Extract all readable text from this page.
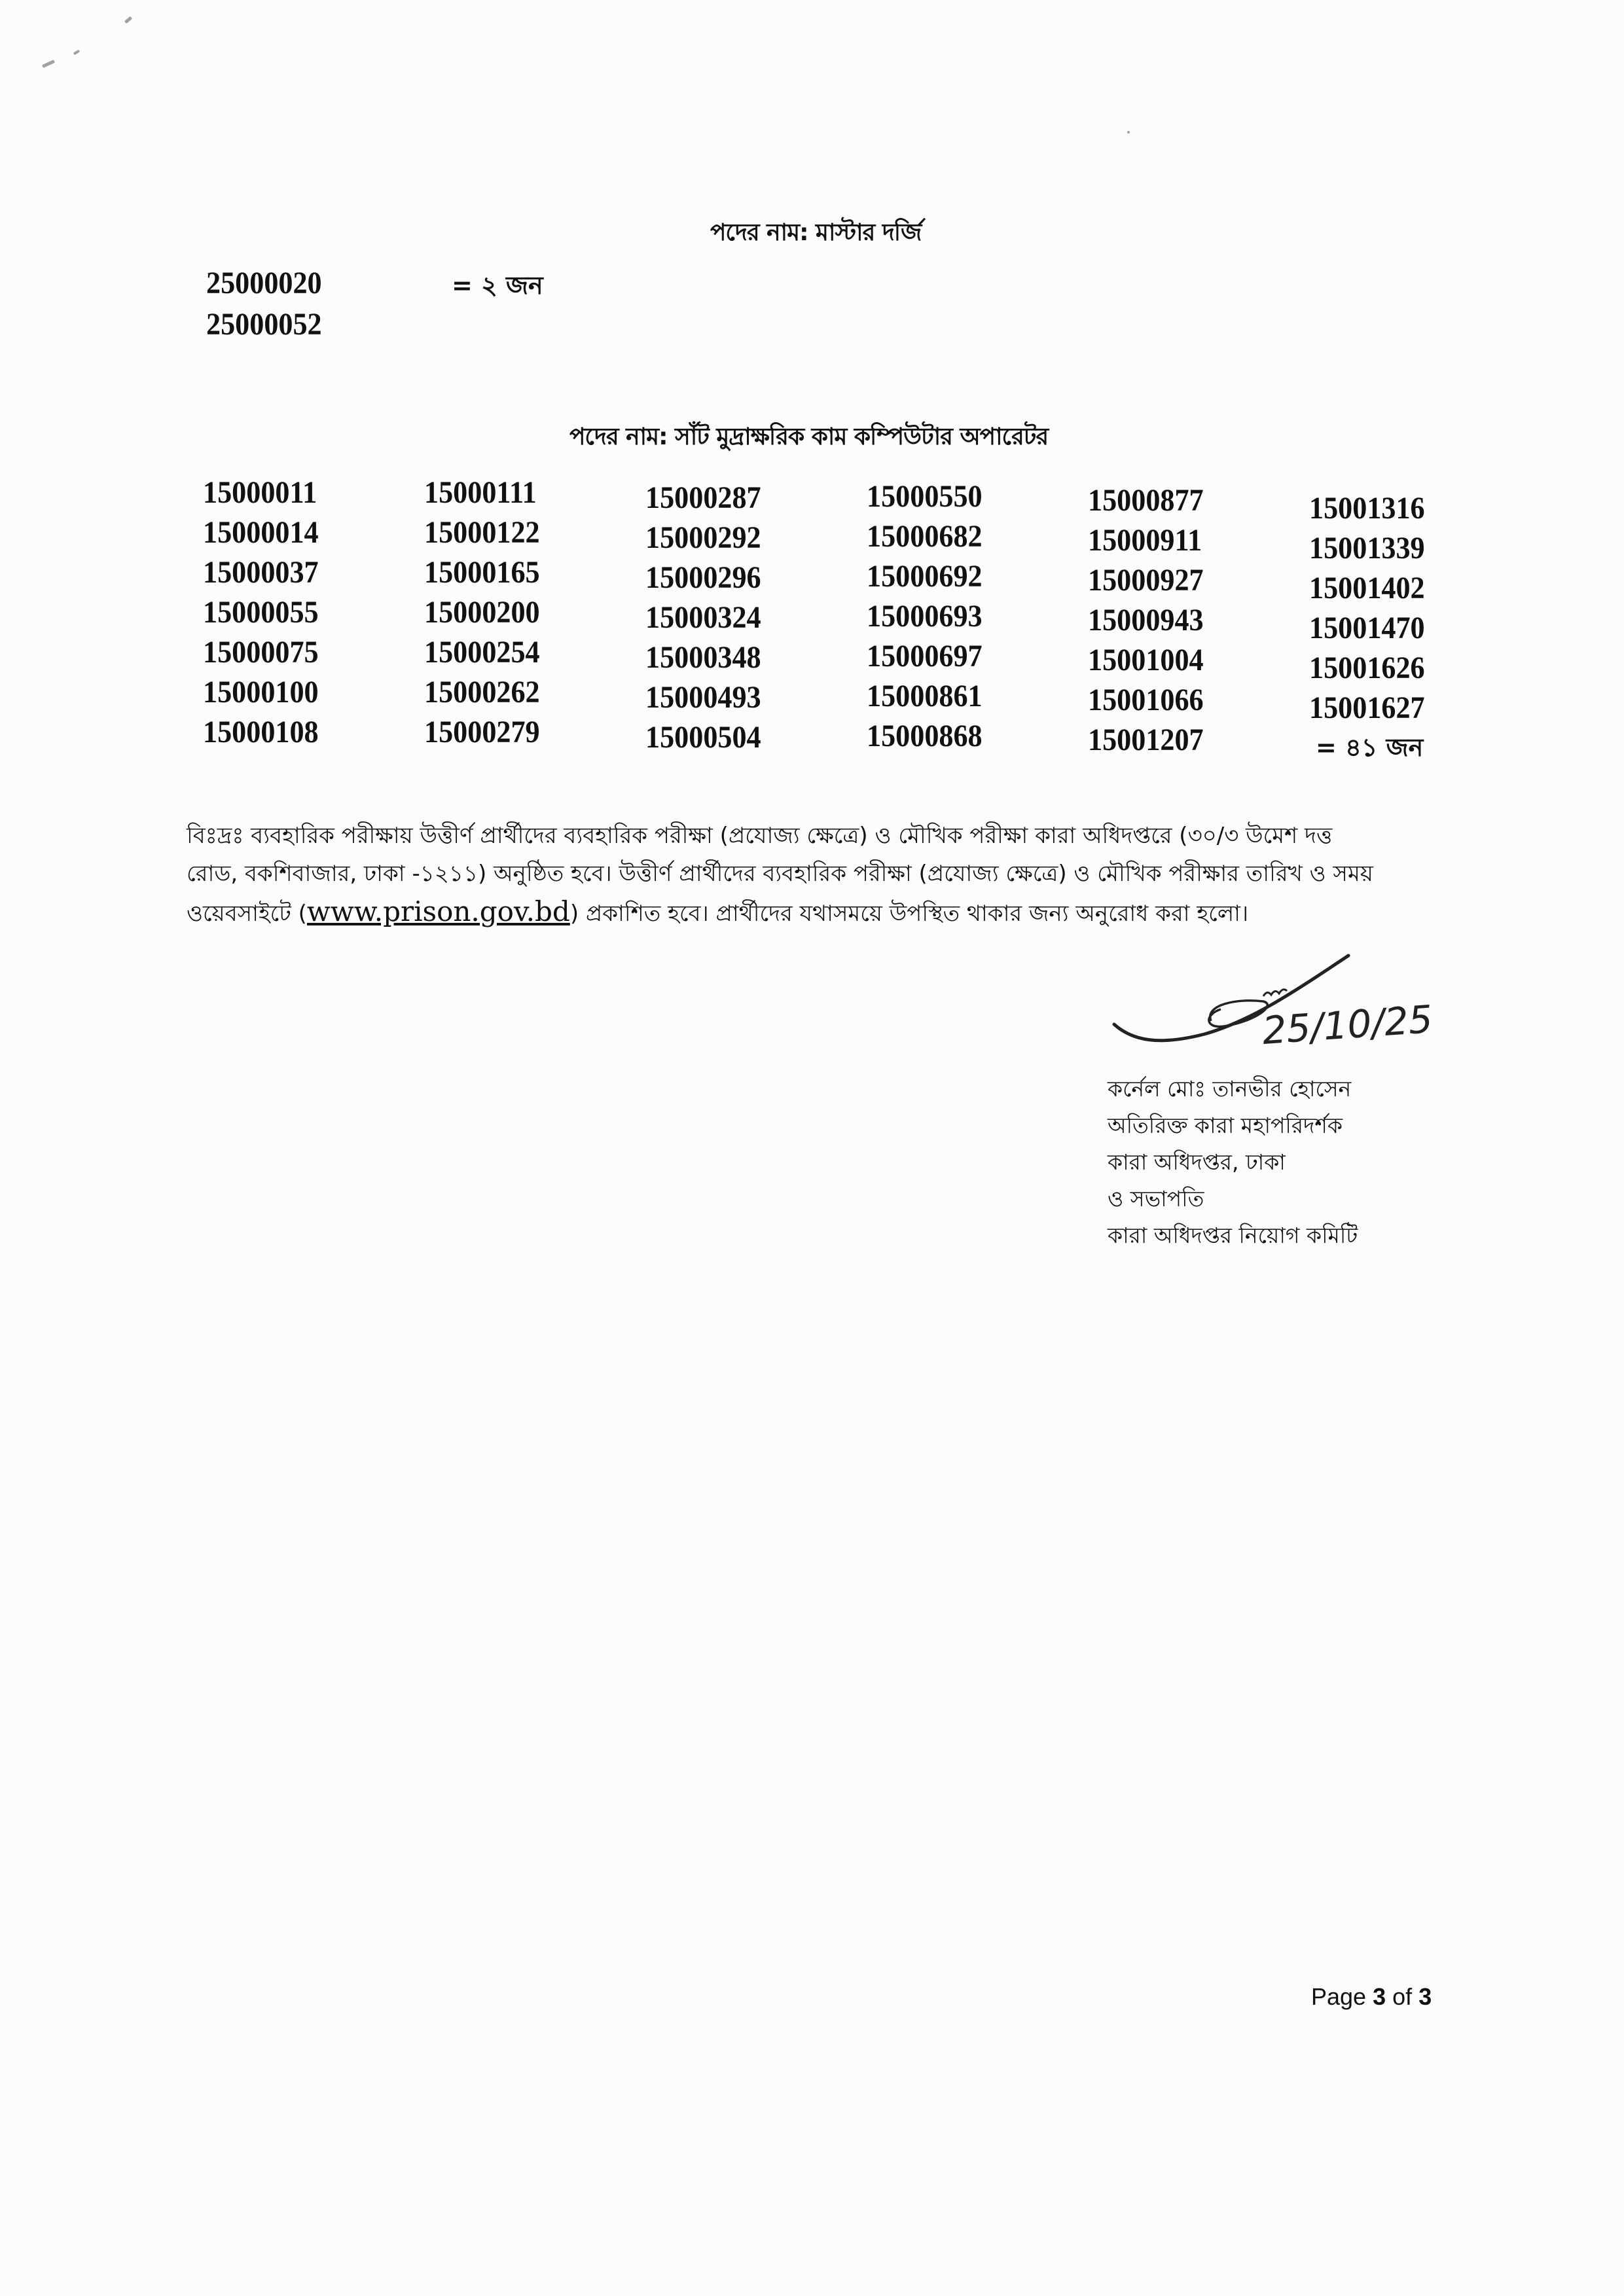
পদের নাম: মাস্টার দর্জি
25000020
25000052
= ২ জন
পদের নাম: সাঁট মুদ্রাক্ষরিক কাম কম্পিউটার অপারেটর
15000011
15000014
15000037
15000055
15000075
15000100
15000108
15000111
15000122
15000165
15000200
15000254
15000262
15000279
15000287
15000292
15000296
15000324
15000348
15000493
15000504
15000550
15000682
15000692
15000693
15000697
15000861
15000868
15000877
15000911
15000927
15000943
15001004
15001066
15001207
15001316
15001339
15001402
15001470
15001626
15001627
= ৪১ জন
বিঃদ্রঃ ব্যবহারিক পরীক্ষায় উত্তীর্ণ প্রার্থীদের ব্যবহারিক পরীক্ষা (প্রযোজ্য ক্ষেত্রে) ও মৌখিক পরীক্ষা কারা অধিদপ্তরে (৩০/৩ উমেশ দত্ত
রোড, বকশিবাজার, ঢাকা -১২১১) অনুষ্ঠিত হবে। উত্তীর্ণ প্রার্থীদের ব্যবহারিক পরীক্ষা (প্রযোজ্য ক্ষেত্রে) ও মৌখিক পরীক্ষার তারিখ ও সময়
ওয়েবসাইটে (www.prison.gov.bd) প্রকাশিত হবে। প্রার্থীদের যথাসময়ে উপস্থিত থাকার জন্য অনুরোধ করা হলো।
25/10/25
কর্নেল মোঃ তানভীর হোসেন
অতিরিক্ত কারা মহাপরিদর্শক
কারা অধিদপ্তর, ঢাকা
ও সভাপতি
কারা অধিদপ্তর নিয়োগ কমিটি
Page 3 of 3
